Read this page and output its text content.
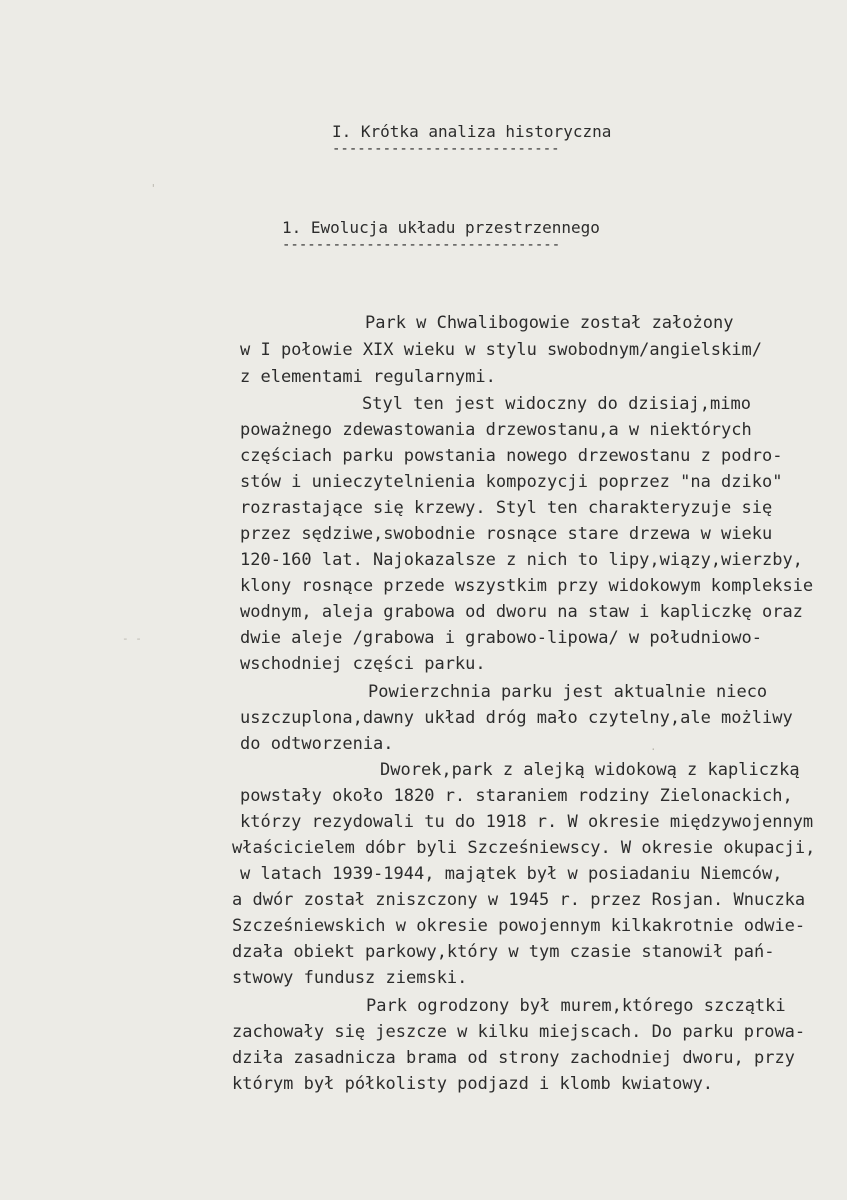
'
- -
.
I. Krótka analiza historyczna
---------------------------
1. Ewolucja układu przestrzennego
---------------------------------
Park w Chwalibogowie został założony
w I połowie XIX wieku w stylu swobodnym/angielskim/
z elementami regularnymi.
Styl ten jest widoczny do dzisiaj,mimo
poważnego zdewastowania drzewostanu,a w niektórych
częściach parku powstania nowego drzewostanu z podro-
stów i unieczytelnienia kompozycji poprzez "na dziko"
rozrastające się krzewy. Styl ten charakteryzuje się
przez sędziwe,swobodnie rosnące stare drzewa w wieku
120-160 lat. Najokazalsze z nich to lipy,wiązy,wierzby,
klony rosnące przede wszystkim przy widokowym kompleksie
wodnym, aleja grabowa od dworu na staw i kapliczkę oraz
dwie aleje /grabowa i grabowo-lipowa/ w południowo-
wschodniej części parku.
Powierzchnia parku jest aktualnie nieco
uszczuplona,dawny układ dróg mało czytelny,ale możliwy
do odtworzenia.
Dworek,park z alejką widokową z kapliczką
powstały około 1820 r. staraniem rodziny Zielonackich,
którzy rezydowali tu do 1918 r. W okresie międzywojennym
właścicielem dóbr byli Szcześniewscy. W okresie okupacji,
w latach 1939-1944, majątek był w posiadaniu Niemców,
a dwór został zniszczony w 1945 r. przez Rosjan. Wnuczka
Szcześniewskich w okresie powojennym kilkakrotnie odwie-
dzała obiekt parkowy,który w tym czasie stanowił pań-
stwowy fundusz ziemski.
Park ogrodzony był murem,którego szczątki
zachowały się jeszcze w kilku miejscach. Do parku prowa-
dziła zasadnicza brama od strony zachodniej dworu, przy
którym był półkolisty podjazd i klomb kwiatowy.
